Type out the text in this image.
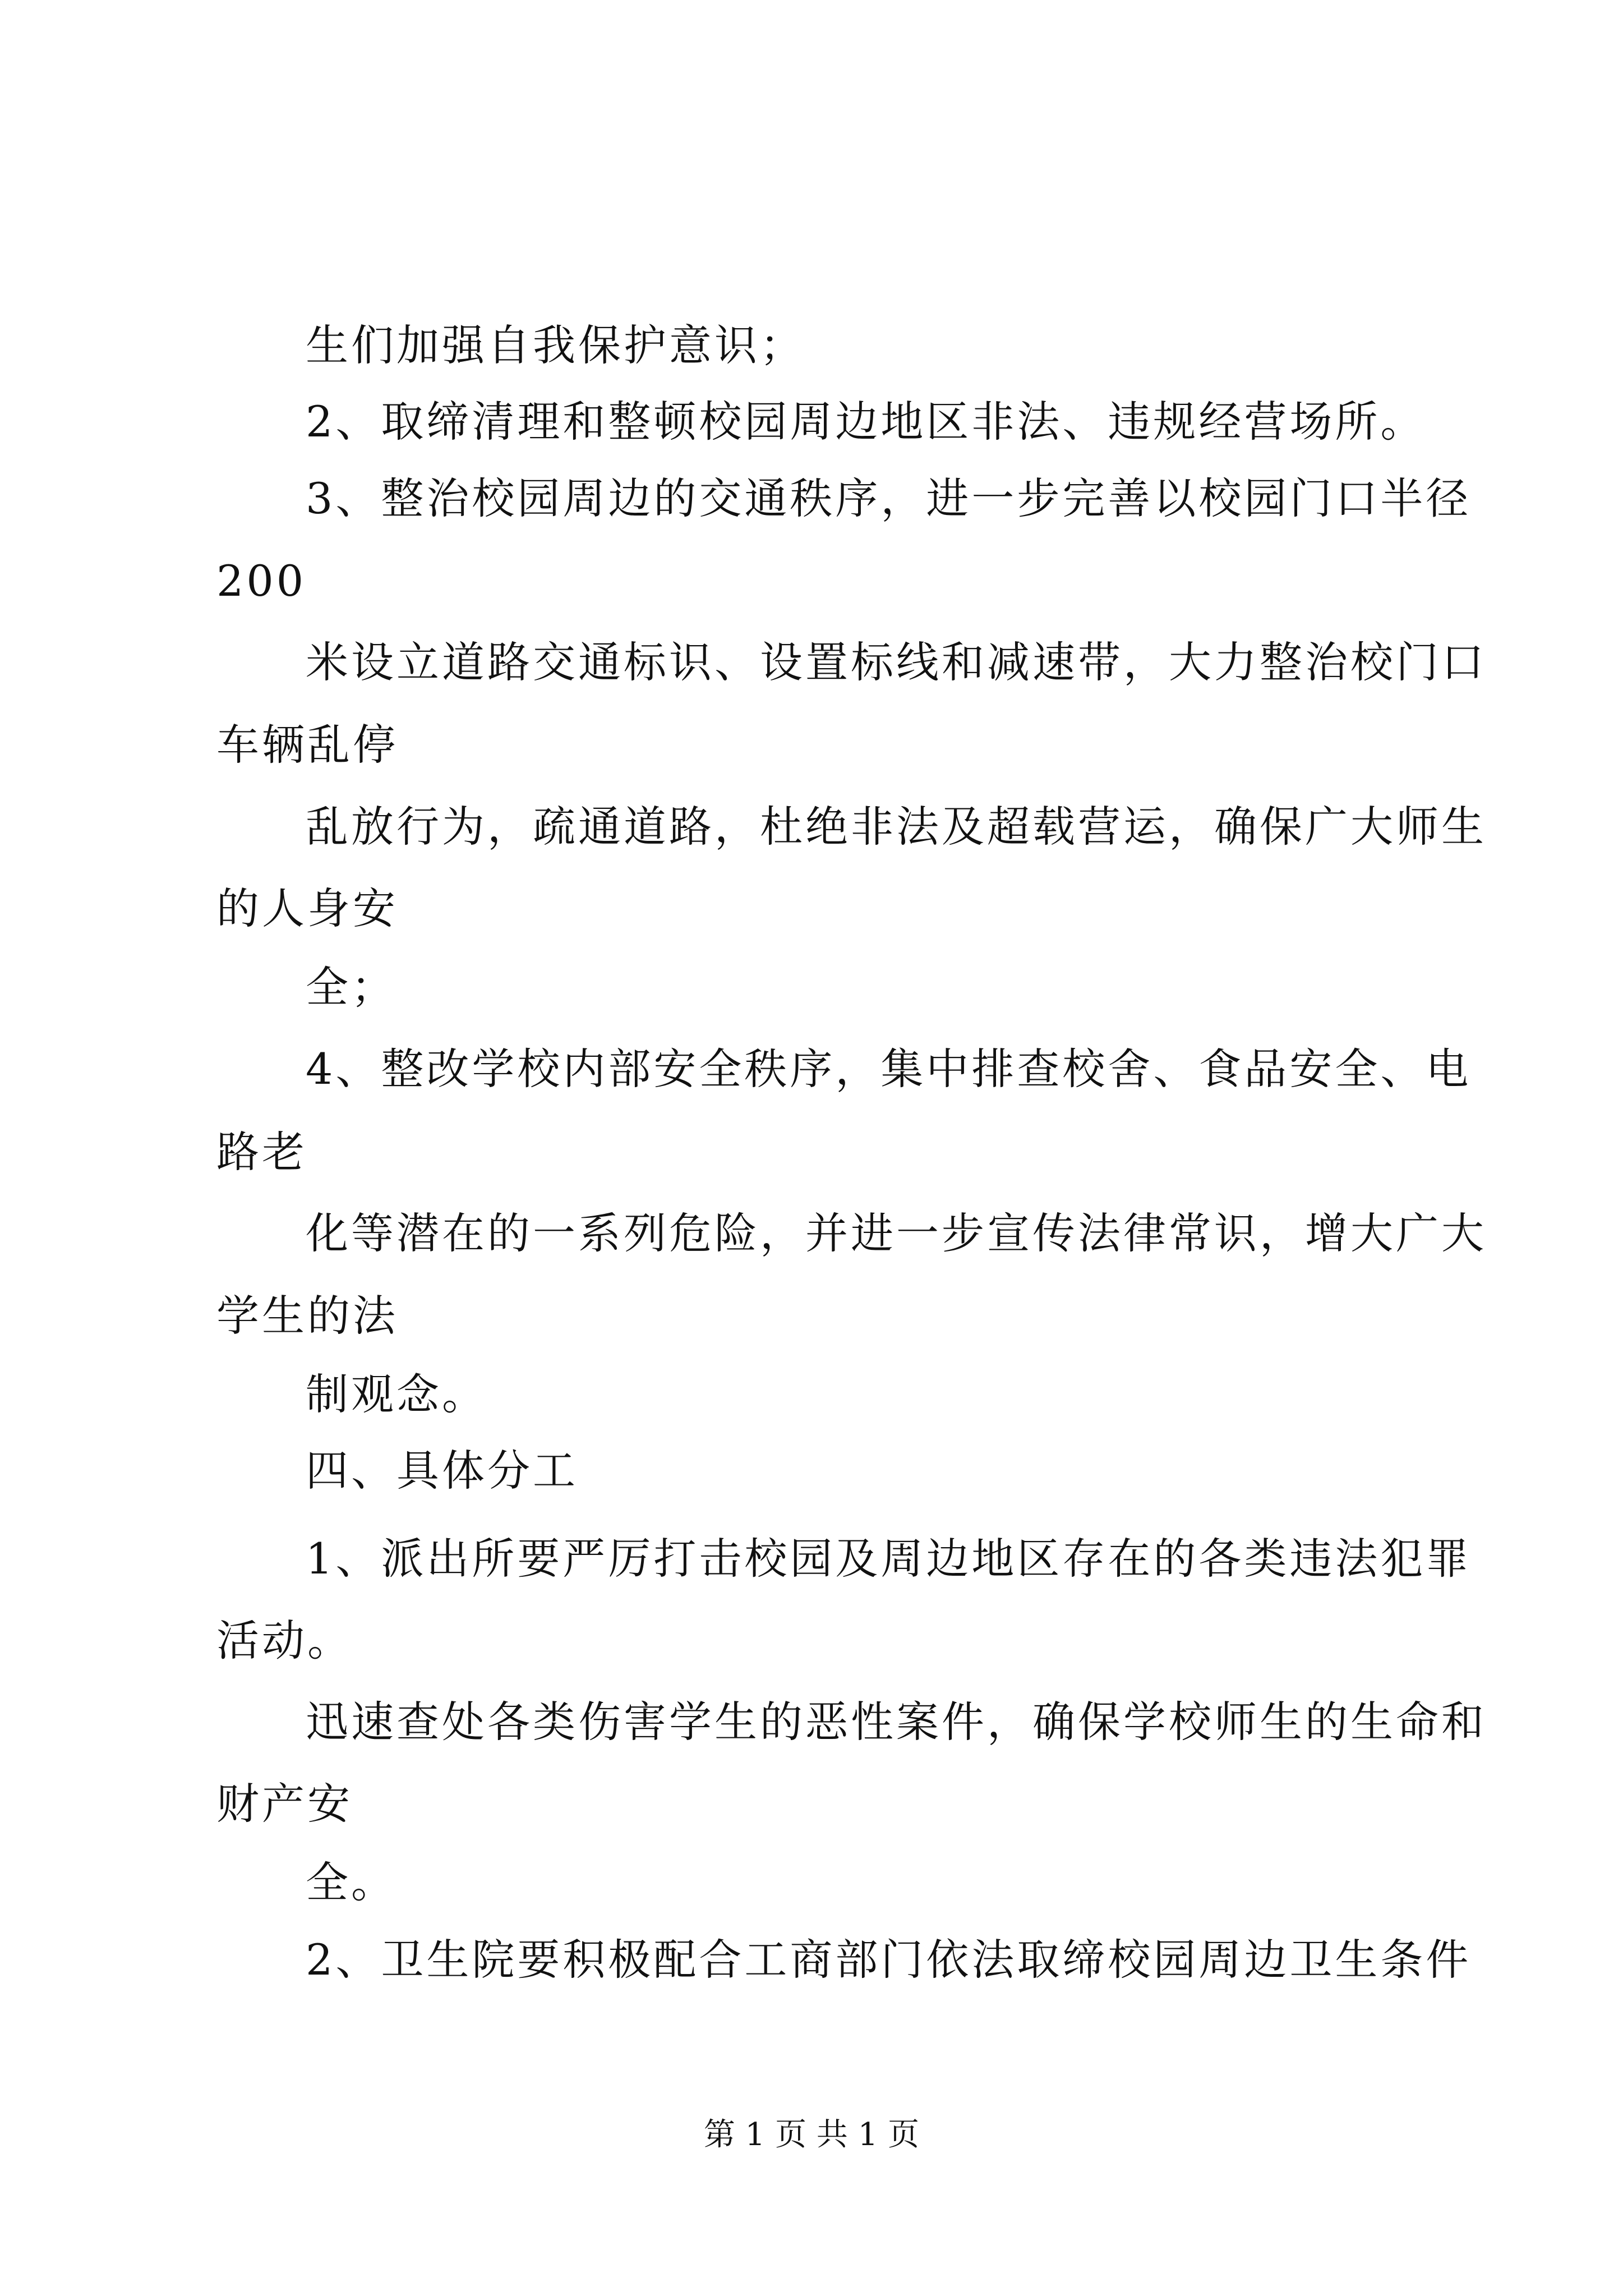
生们加强自我保护意识；
2、取缔清理和整顿校园周边地区非法、违规经营场所。
3、整治校园周边的交通秩序，进一步完善以校园门口半径
200
米设立道路交通标识、设置标线和减速带，大力整治校门口
车辆乱停
乱放行为，疏通道路，杜绝非法及超载营运，确保广大师生
的人身安
全；
4、整改学校内部安全秩序，集中排查校舍、食品安全、电
路老
化等潜在的一系列危险，并进一步宣传法律常识，增大广大
学生的法
制观念。
四、具体分工
1、派出所要严厉打击校园及周边地区存在的各类违法犯罪
活动。
迅速查处各类伤害学生的恶性案件，确保学校师生的生命和
财产安
全。
2、卫生院要积极配合工商部门依法取缔校园周边卫生条件
第 1 页 共 1 页
